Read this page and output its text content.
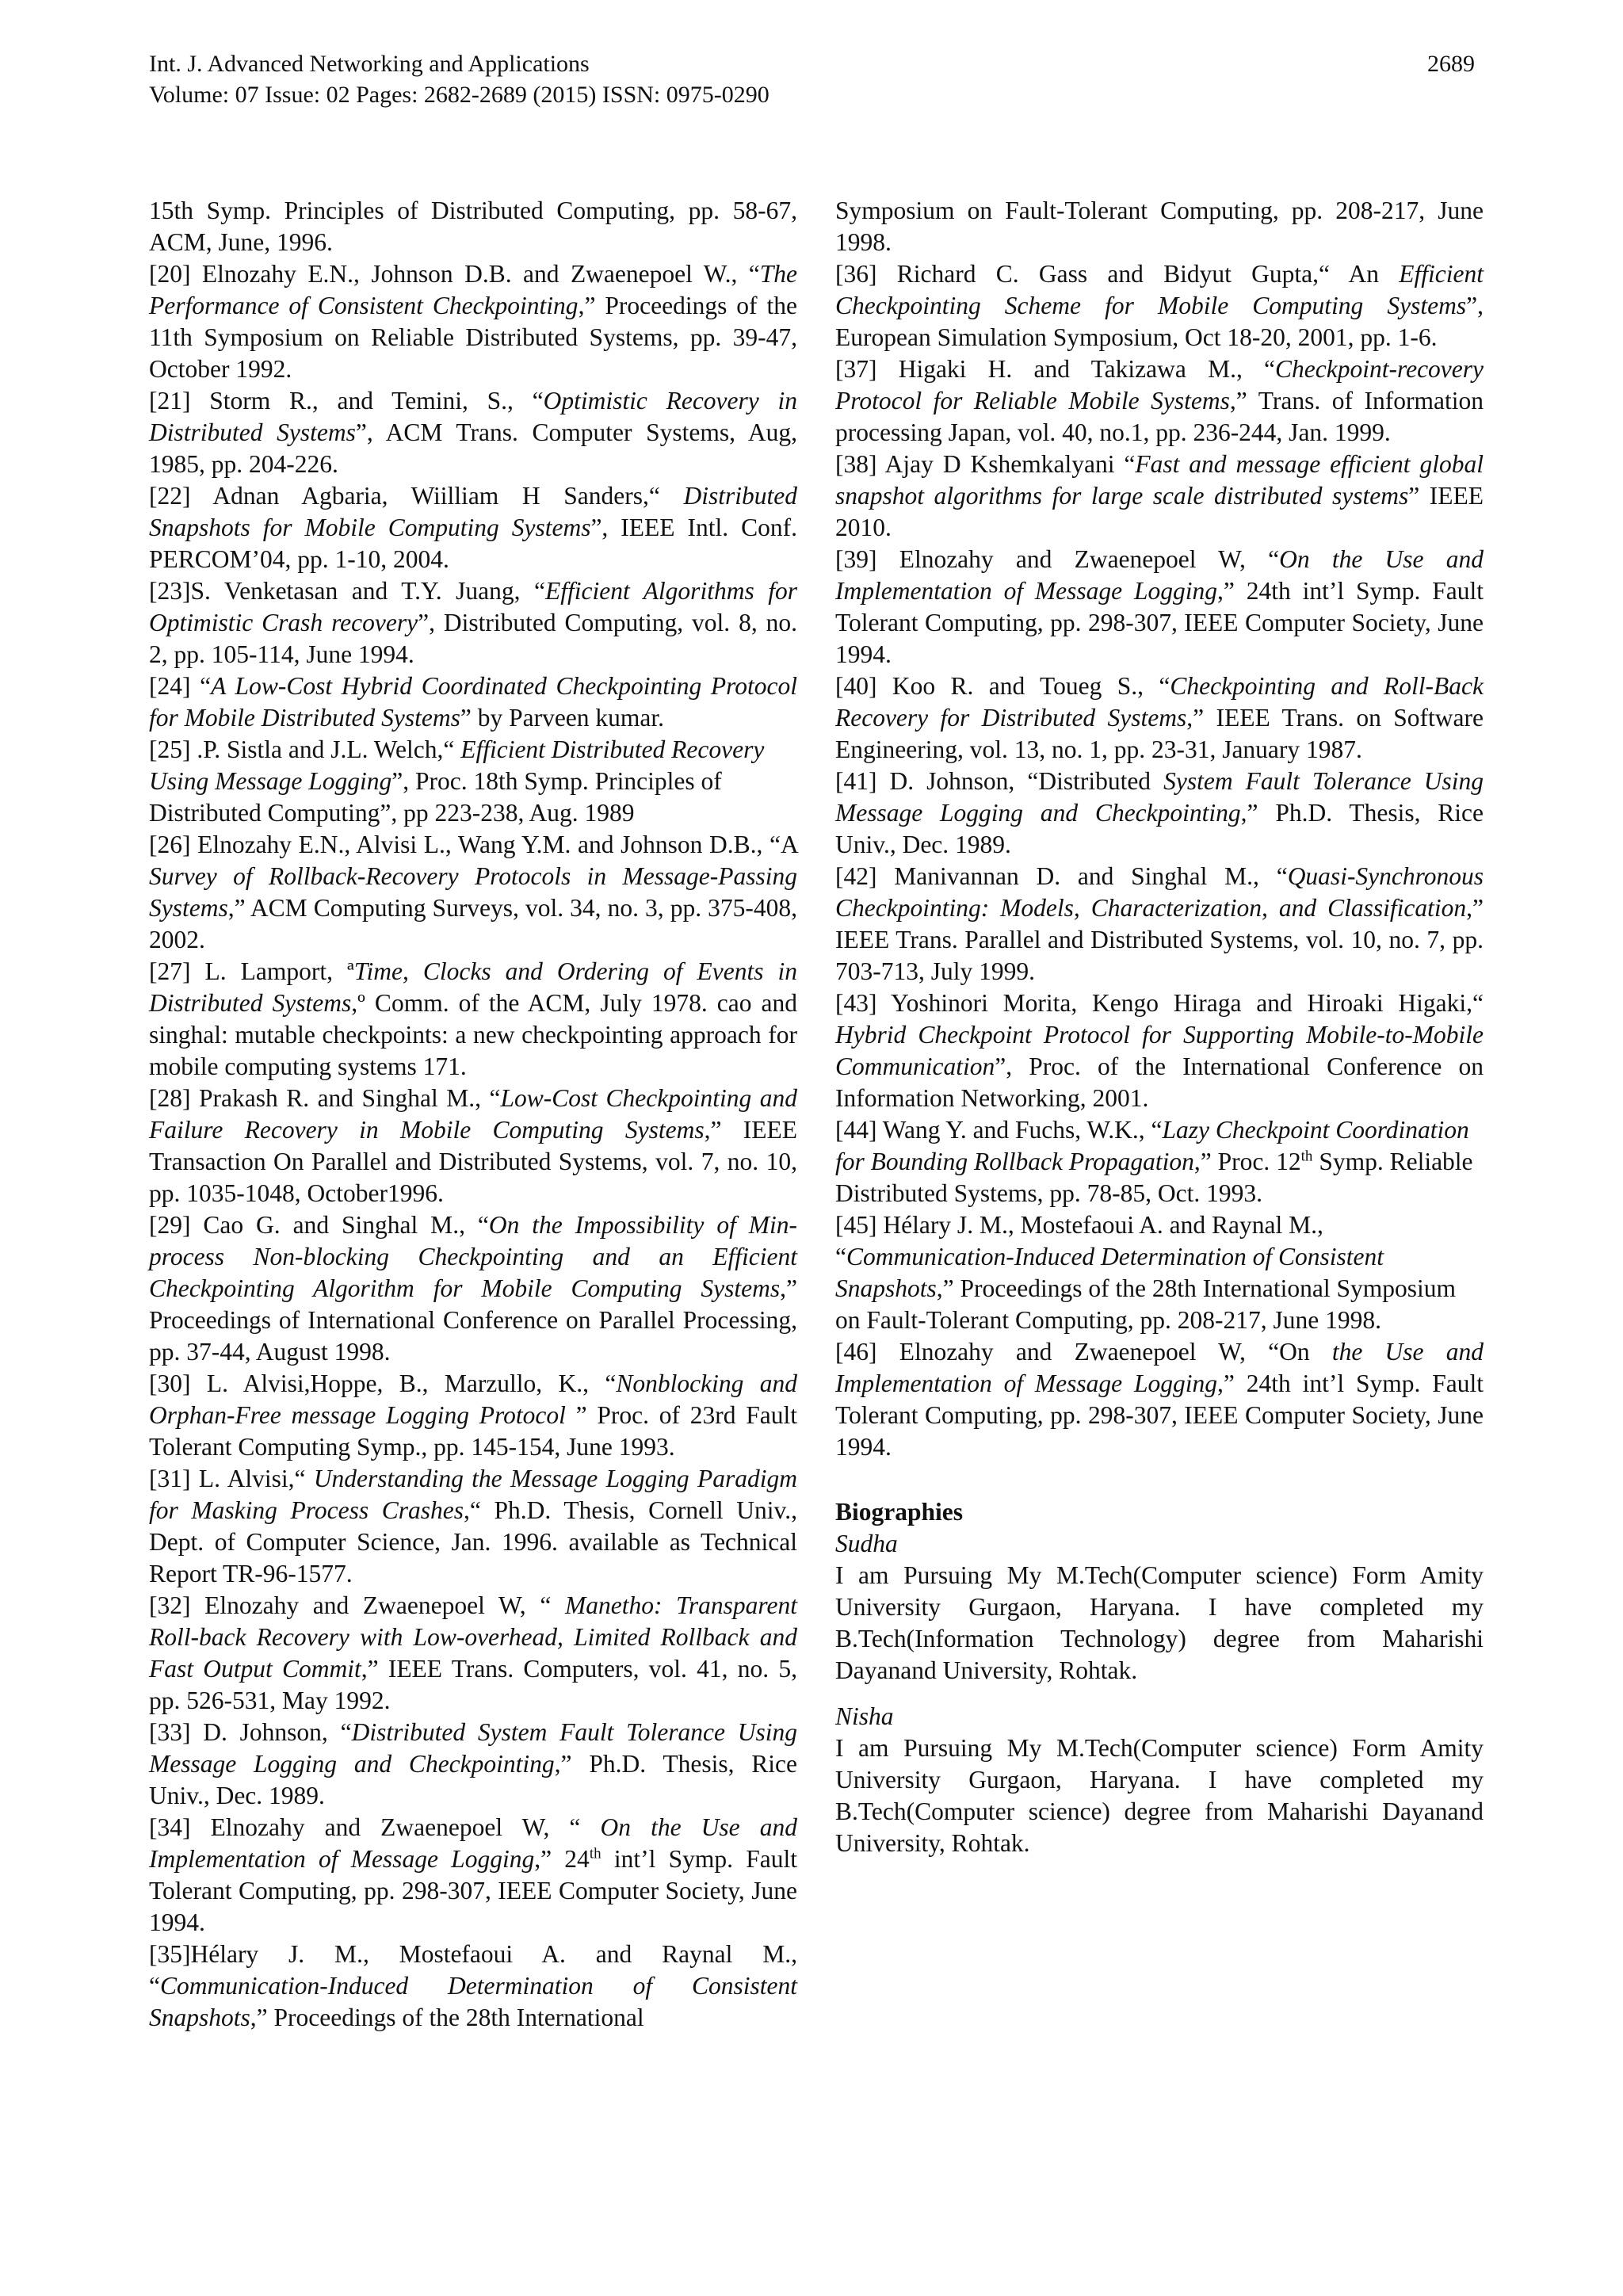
Int. J. Advanced Networking and Applications
Volume: 07 Issue: 02 Pages: 2682-2689 (2015) ISSN: 0975-0290
2689

15th Symp. Principles of Distributed Computing, pp. 58-67, ACM, June, 1996.

[20] Elnozahy E.N., Johnson D.B. and Zwaenepoel W., “The Performance of Consistent Checkpointing,” Proceedings of the 11th Symposium on Reliable Distributed Systems, pp. 39-47, October 1992.

[21] Storm R., and Temini, S., “Optimistic Recovery in Distributed Systems”, ACM Trans. Computer Systems, Aug, 1985, pp. 204-226.

[22] Adnan Agbaria, Wiilliam H Sanders,“ Distributed Snapshots for Mobile Computing Systems”, IEEE Intl. Conf. PERCOM’04, pp. 1-10, 2004.

[23]S. Venketasan and T.Y. Juang, “Efficient Algorithms for Optimistic Crash recovery”, Distributed Computing, vol. 8, no. 2, pp. 105-114, June 1994.

[24] “A Low-Cost Hybrid Coordinated Checkpointing Protocol for Mobile Distributed Systems” by Parveen kumar.

[25] .P. Sistla and J.L. Welch,“ Efficient Distributed Recovery Using Message Logging”, Proc. 18th Symp. Principles of Distributed Computing”, pp 223-238, Aug. 1989

[26] Elnozahy E.N., Alvisi L., Wang Y.M. and Johnson D.B., “A Survey of Rollback-Recovery Protocols in Message-Passing Systems,” ACM Computing Surveys, vol. 34, no. 3, pp. 375-408, 2002.

[27] L. Lamport, ªTime, Clocks and Ordering of Events in Distributed Systems,º Comm. of the ACM, July 1978. cao and singhal: mutable checkpoints: a new checkpointing approach for mobile computing systems 171.

[28] Prakash R. and Singhal M., “Low-Cost Checkpointing and Failure Recovery in Mobile Computing Systems,” IEEE Transaction On Parallel and Distributed Systems, vol. 7, no. 10, pp. 1035-1048, October1996.

[29] Cao G. and Singhal M., “On the Impossibility of Min-process Non-blocking Checkpointing and an Efficient Checkpointing Algorithm for Mobile Computing Systems,” Proceedings of International Conference on Parallel Processing, pp. 37-44, August 1998.

[30] L. Alvisi,Hoppe, B., Marzullo, K., “Nonblocking and Orphan-Free message Logging Protocol ” Proc. of 23rd Fault Tolerant Computing Symp., pp. 145-154, June 1993.

[31] L. Alvisi,“ Understanding the Message Logging Paradigm for Masking Process Crashes,“ Ph.D. Thesis, Cornell Univ., Dept. of Computer Science, Jan. 1996. available as Technical Report TR-96-1577.

[32] Elnozahy and Zwaenepoel W, “ Manetho: Transparent Roll-back Recovery with Low-overhead, Limited Rollback and Fast Output Commit,” IEEE Trans. Computers, vol. 41, no. 5, pp. 526-531, May 1992.

[33] D. Johnson, “Distributed System Fault Tolerance Using Message Logging and Checkpointing,” Ph.D. Thesis, Rice Univ., Dec. 1989.

[34] Elnozahy and Zwaenepoel W, “ On the Use and Implementation of Message Logging,” 24th int’l Symp. Fault Tolerant Computing, pp. 298-307, IEEE Computer Society, June 1994.

[35]Hélary J. M., Mostefaoui A. and Raynal M., “Communication-Induced Determination of Consistent Snapshots,” Proceedings of the 28th International

Symposium on Fault-Tolerant Computing, pp. 208-217, June 1998.

[36] Richard C. Gass and Bidyut Gupta,“ An Efficient Checkpointing Scheme for Mobile Computing Systems”, European Simulation Symposium, Oct 18-20, 2001, pp. 1-6.

[37] Higaki H. and Takizawa M., “Checkpoint-recovery Protocol for Reliable Mobile Systems,” Trans. of Information processing Japan, vol. 40, no.1, pp. 236-244, Jan. 1999.

[38] Ajay D Kshemkalyani “Fast and message efficient global snapshot algorithms for large scale distributed systems” IEEE 2010.

[39] Elnozahy and Zwaenepoel W, “On the Use and Implementation of Message Logging,” 24th int’l Symp. Fault Tolerant Computing, pp. 298-307, IEEE Computer Society, June 1994.

[40] Koo R. and Toueg S., “Checkpointing and Roll-Back Recovery for Distributed Systems,” IEEE Trans. on Software Engineering, vol. 13, no. 1, pp. 23-31, January 1987.

[41] D. Johnson, “Distributed System Fault Tolerance Using Message Logging and Checkpointing,” Ph.D. Thesis, Rice Univ., Dec. 1989.

[42] Manivannan D. and Singhal M., “Quasi-Synchronous Checkpointing: Models, Characterization, and Classification,” IEEE Trans. Parallel and Distributed Systems, vol. 10, no. 7, pp. 703-713, July 1999.

[43] Yoshinori Morita, Kengo Hiraga and Hiroaki Higaki,“ Hybrid Checkpoint Protocol for Supporting Mobile-to-Mobile Communication”, Proc. of the International Conference on Information Networking, 2001.

[44] Wang Y. and Fuchs, W.K., “Lazy Checkpoint Coordination for Bounding Rollback Propagation,” Proc. 12th Symp. Reliable Distributed Systems, pp. 78-85, Oct. 1993.

[45] Hélary J. M., Mostefaoui A. and Raynal M., “Communication-Induced Determination of Consistent Snapshots,” Proceedings of the 28th International Symposium on Fault-Tolerant Computing, pp. 208-217, June 1998.

[46] Elnozahy and Zwaenepoel W, “On the Use and Implementation of Message Logging,” 24th int’l Symp. Fault Tolerant Computing, pp. 298-307, IEEE Computer Society, June 1994.

Biographies
Sudha

I am Pursuing My M.Tech(Computer science) Form Amity University Gurgaon, Haryana. I have completed my B.Tech(Information Technology) degree from Maharishi Dayanand University, Rohtak.

Nisha

I am Pursuing My M.Tech(Computer science) Form Amity University Gurgaon, Haryana. I have completed my B.Tech(Computer science) degree from Maharishi Dayanand University, Rohtak.
